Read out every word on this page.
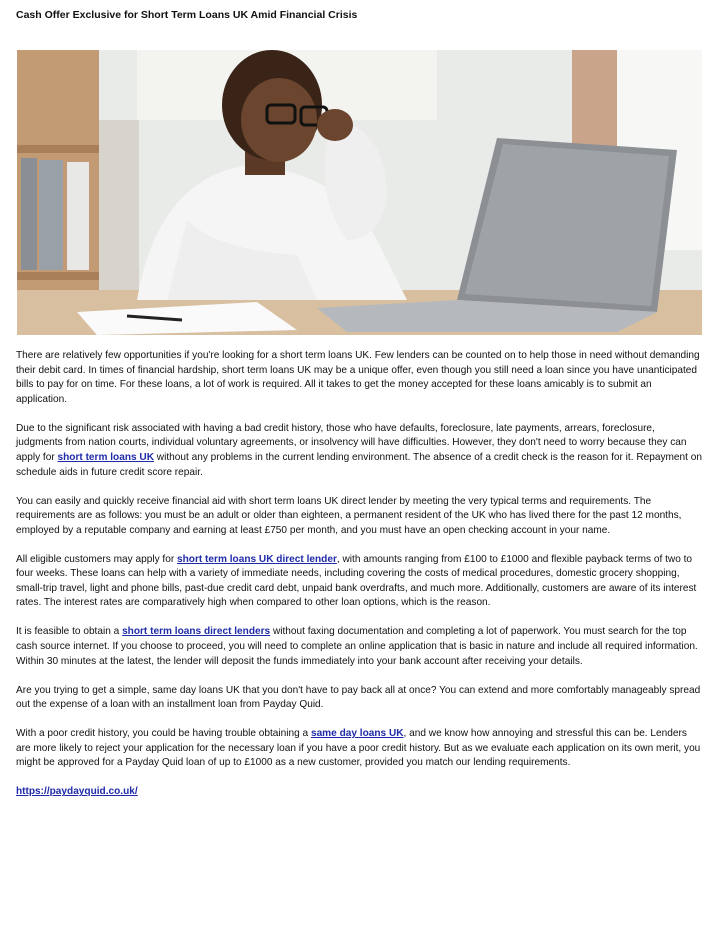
Cash Offer Exclusive for Short Term Loans UK Amid Financial Crisis

There are relatively few opportunities if you're looking for a short term loans UK. Few lenders can be counted on to help those in need without demanding their debit card. In times of financial hardship, short term loans UK may be a unique offer, even though you still need a loan since you have unanticipated bills to pay for on time. For these loans, a lot of work is required. All it takes to get the money accepted for these loans amicably is to submit an application.

Due to the significant risk associated with having a bad credit history, those who have defaults, foreclosure, late payments, arrears, foreclosure, judgments from nation courts, individual voluntary agreements, or insolvency will have difficulties. However, they don't need to worry because they can apply for short term loans UK without any problems in the current lending environment. The absence of a credit check is the reason for it. Repayment on schedule aids in future credit score repair.

You can easily and quickly receive financial aid with short term loans UK direct lender by meeting the very typical terms and requirements. The requirements are as follows: you must be an adult or older than eighteen, a permanent resident of the UK who has lived there for the past 12 months, employed by a reputable company and earning at least £750 per month, and you must have an open checking account in your name.

All eligible customers may apply for short term loans UK direct lender, with amounts ranging from £100 to £1000 and flexible payback terms of two to four weeks. These loans can help with a variety of immediate needs, including covering the costs of medical procedures, domestic grocery shopping, small-trip travel, light and phone bills, past-due credit card debt, unpaid bank overdrafts, and much more. Additionally, customers are aware of its interest rates. The interest rates are comparatively high when compared to other loan options, which is the reason.

It is feasible to obtain a short term loans direct lenders without faxing documentation and completing a lot of paperwork. You must search for the top cash source internet. If you choose to proceed, you will need to complete an online application that is basic in nature and include all required information. Within 30 minutes at the latest, the lender will deposit the funds immediately into your bank account after receiving your details.

Are you trying to get a simple, same day loans UK that you don't have to pay back all at once? You can extend and more comfortably manageably spread out the expense of a loan with an installment loan from Payday Quid.

With a poor credit history, you could be having trouble obtaining a same day loans UK, and we know how annoying and stressful this can be. Lenders are more likely to reject your application for the necessary loan if you have a poor credit history. But as we evaluate each application on its own merit, you might be approved for a Payday Quid loan of up to £1000 as a new customer, provided you match our lending requirements.

https://paydayquid.co.uk/
